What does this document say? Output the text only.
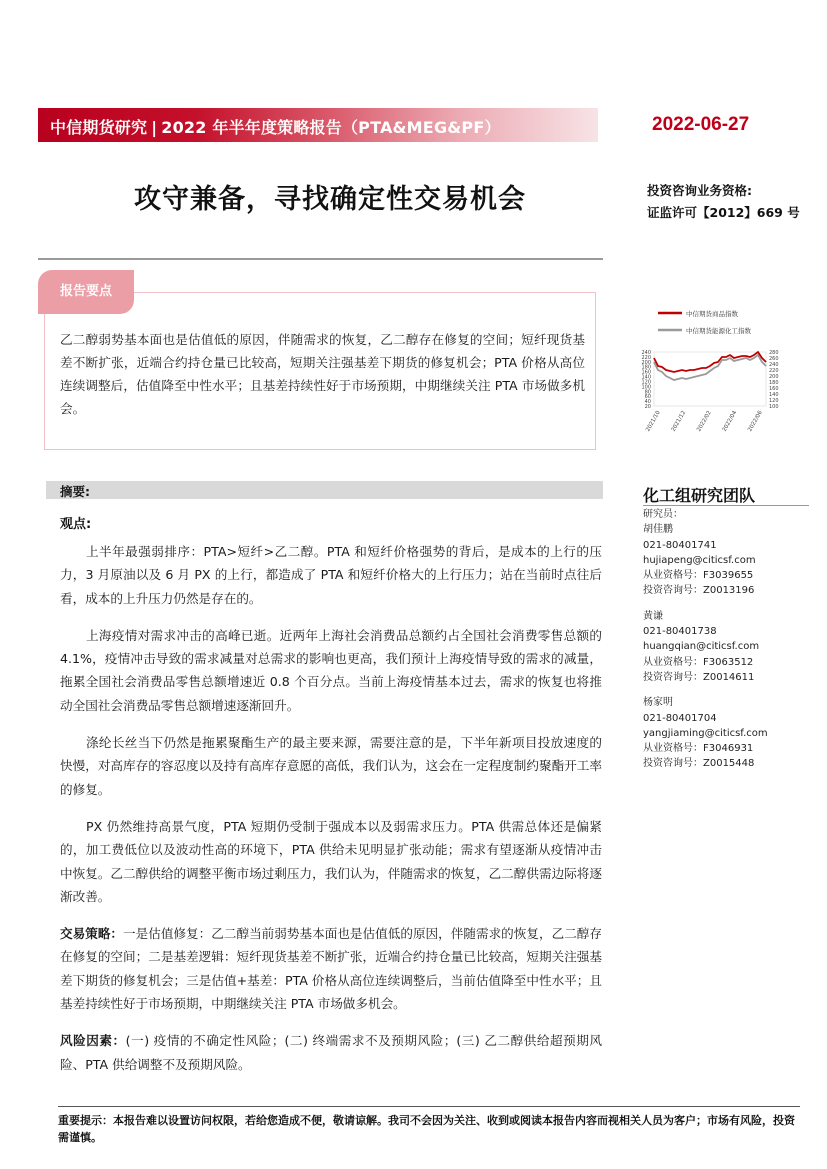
中信期货研究 | 2022 年半年度策略报告（PTA&MEG&PF）	2022-06-27
攻守兼备，寻找确定性交易机会	投资咨询业务资格:
证监许可【2012】669 号
报告要点
乙二醇弱势基本面也是估值低的原因，伴随需求的恢复，乙二醇存在修复的空间；短纤现货基差不断扩张，近端合约持仓量已比较高，短期关注强基差下期货的修复机会；PTA 价格从高位连续调整后，估值降至中性水平；且基差持续性好于市场预期，中期继续关注 PTA 市场做多机会。
中信期货商品指数
中信期货能源化工指数
240
220
200
180
160
140
120
100
80
60
40
20
280
260
240
220
200
180
160
140
120
100
2021/10 2021/12 2022/02 2022/04 2022/06
摘要:
观点:

上半年最强弱排序：PTA>短纤>乙二醇。PTA 和短纤价格强势的背后，是成本的上行的压力，3 月原油以及 6 月 PX 的上行，都造成了 PTA 和短纤价格大的上行压力；站在当前时点往后看，成本的上升压力仍然是存在的。

上海疫情对需求冲击的高峰已逝。近两年上海社会消费品总额约占全国社会消费零售总额的 4.1%，疫情冲击导致的需求减量对总需求的影响也更高，我们预计上海疫情导致的需求的减量，拖累全国社会消费品零售总额增速近 0.8 个百分点。当前上海疫情基本过去，需求的恢复也将推动全国社会消费品零售总额增速逐渐回升。

涤纶长丝当下仍然是拖累聚酯生产的最主要来源，需要注意的是，下半年新项目投放速度的快慢，对高库存的容忍度以及持有高库存意愿的高低，我们认为，这会在一定程度制约聚酯开工率的修复。

PX 仍然维持高景气度，PTA 短期仍受制于强成本以及弱需求压力。PTA 供需总体还是偏紧的，加工费低位以及波动性高的环境下，PTA 供给未见明显扩张动能；需求有望逐渐从疫情冲击中恢复。乙二醇供给的调整平衡市场过剩压力，我们认为，伴随需求的恢复，乙二醇供需边际将逐渐改善。

交易策略：一是估值修复：乙二醇当前弱势基本面也是估值低的原因，伴随需求的恢复，乙二醇存在修复的空间；二是基差逻辑：短纤现货基差不断扩张，近端合约持仓量已比较高，短期关注强基差下期货的修复机会；三是估值+基差：PTA 价格从高位连续调整后，当前估值降至中性水平；且基差持续性好于市场预期，中期继续关注 PTA 市场做多机会。

风险因素：(一) 疫情的不确定性风险；(二) 终端需求不及预期风险；(三) 乙二醇供给超预期风险、PTA 供给调整不及预期风险。

化工组研究团队
研究员：
胡佳鹏
021-80401741
hujiapeng@citicsf.com
从业资格号：F3039655
投资咨询号：Z0013196
黄谦
021-80401738
huangqian@citicsf.com
从业资格号：F3063512
投资咨询号：Z0014611
杨家明
021-80401704
yangjiaming@citicsf.com
从业资格号：F3046931
投资咨询号：Z0015448
重要提示：本报告难以设置访问权限，若给您造成不便，敬请谅解。我司不会因为关注、收到或阅读本报告内容而视相关人员为客户；市场有风险，投资需谨慎。
